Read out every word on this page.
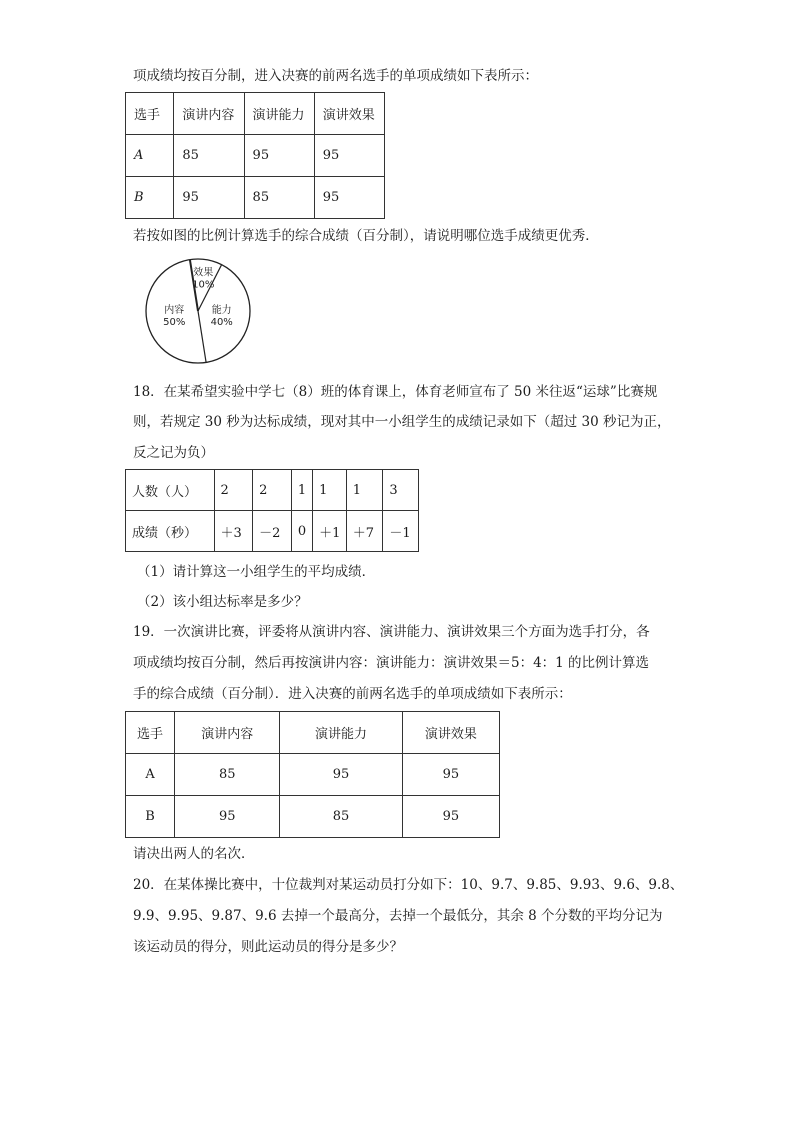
项成绩均按百分制，进入决赛的前两名选手的单项成绩如下表所示：
选手	演讲内容	演讲能力	演讲效果
A	85	95	95
B	95	85	95
若按如图的比例计算选手的综合成绩（百分制），请说明哪位选手成绩更优秀．
效果
10%
能力
40%
内容
50%
18．在某希望实验中学七（8）班的体育课上，体育老师宣布了 50 米往返“运球”比赛规
则，若规定 30 秒为达标成绩，现对其中一小组学生的成绩记录如下（超过 30 秒记为正，
反之记为负）
人数（人）	2	2	1	1	1	3
成绩（秒）	＋3	－2	0	＋1	＋7	－1
（1）请计算这一小组学生的平均成绩．
（2）该小组达标率是多少？
19．一次演讲比赛，评委将从演讲内容、演讲能力、演讲效果三个方面为选手打分，各
项成绩均按百分制，然后再按演讲内容：演讲能力：演讲效果＝5：4：1 的比例计算选
手的综合成绩（百分制）．进入决赛的前两名选手的单项成绩如下表所示：
选手	演讲内容	演讲能力	演讲效果
A	85	95	95
B	95	85	95
请决出两人的名次．
20．在某体操比赛中，十位裁判对某运动员打分如下：10、9.7、9.85、9.93、9.6、9.8、
9.9、9.95、9.87、9.6 去掉一个最高分，去掉一个最低分，其余 8 个分数的平均分记为
该运动员的得分，则此运动员的得分是多少？
